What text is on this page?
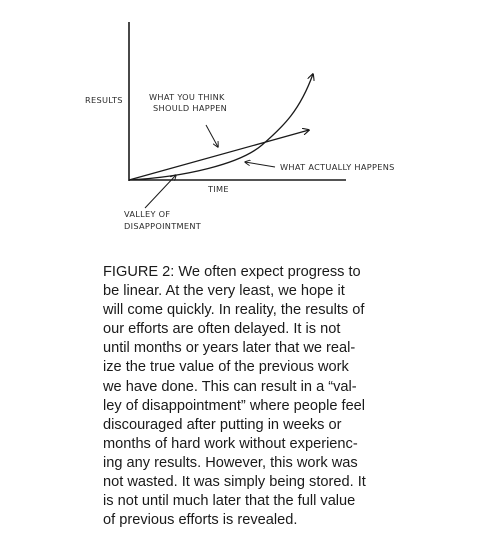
RESULTS	WHAT YOU THINK
SHOULD HAPPEN
WHAT ACTUALLY HAPPENS
TIME
VALLEY OF
DISAPPOINTMENT

FIGURE 2: We often expect progress to
be linear. At the very least, we hope it
will come quickly. In reality, the results of
our efforts are often delayed. It is not
until months or years later that we real-
ize the true value of the previous work
we have done. This can result in a “val-
ley of disappointment” where people feel
discouraged after putting in weeks or
months of hard work without experienc-
ing any results. However, this work was
not wasted. It was simply being stored. It
is not until much later that the full value
of previous efforts is revealed.
